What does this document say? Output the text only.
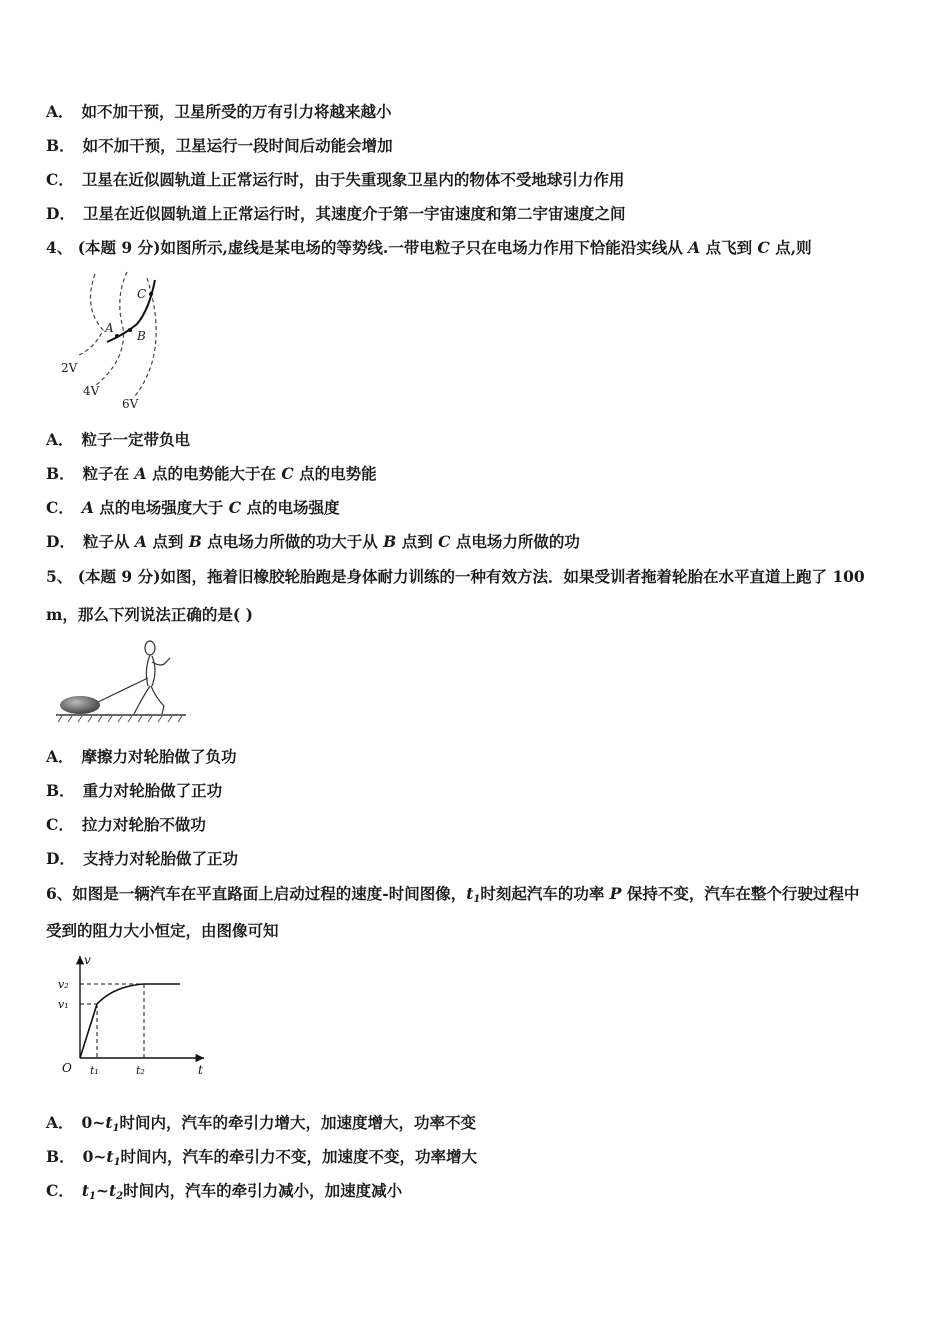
A． 如不加干预，卫星所受的万有引力将越来越小
B． 如不加干预，卫星运行一段时间后动能会增加
C． 卫星在近似圆轨道上正常运行时，由于失重现象卫星内的物体不受地球引力作用
D． 卫星在近似圆轨道上正常运行时，其速度介于第一宇宙速度和第二宇宙速度之间
4、 (本题 9 分)如图所示,虚线是某电场的等势线.一带电粒子只在电场力作用下恰能沿实线从 A 点飞到 C 点,则
A
B
C
2V
4V
6V
A． 粒子一定带负电
B． 粒子在 A 点的电势能大于在 C 点的电势能
C． A 点的电场强度大于 C 点的电场强度
D． 粒子从 A 点到 B 点电场力所做的功大于从 B 点到 C 点电场力所做的功
5、 (本题 9 分)如图，拖着旧橡胶轮胎跑是身体耐力训练的一种有效方法．如果受训者拖着轮胎在水平直道上跑了 100
m，那么下列说法正确的是( )
A． 摩擦力对轮胎做了负功
B． 重力对轮胎做了正功
C． 拉力对轮胎不做功
D． 支持力对轮胎做了正功
6、如图是一辆汽车在平直路面上启动过程的速度-时间图像，$t_1$时刻起汽车的功率 P 保持不变，汽车在整个行驶过程中
受到的阻力大小恒定，由图像可知
v
t
O
v₂
v₁
t₁	t₂
A． $0\sim t_1$时间内，汽车的牵引力增大，加速度增大，功率不变
B． $0\sim t_1$时间内，汽车的牵引力不变，加速度不变，功率增大
C． $t_1\sim t_2$时间内，汽车的牵引力减小，加速度减小
